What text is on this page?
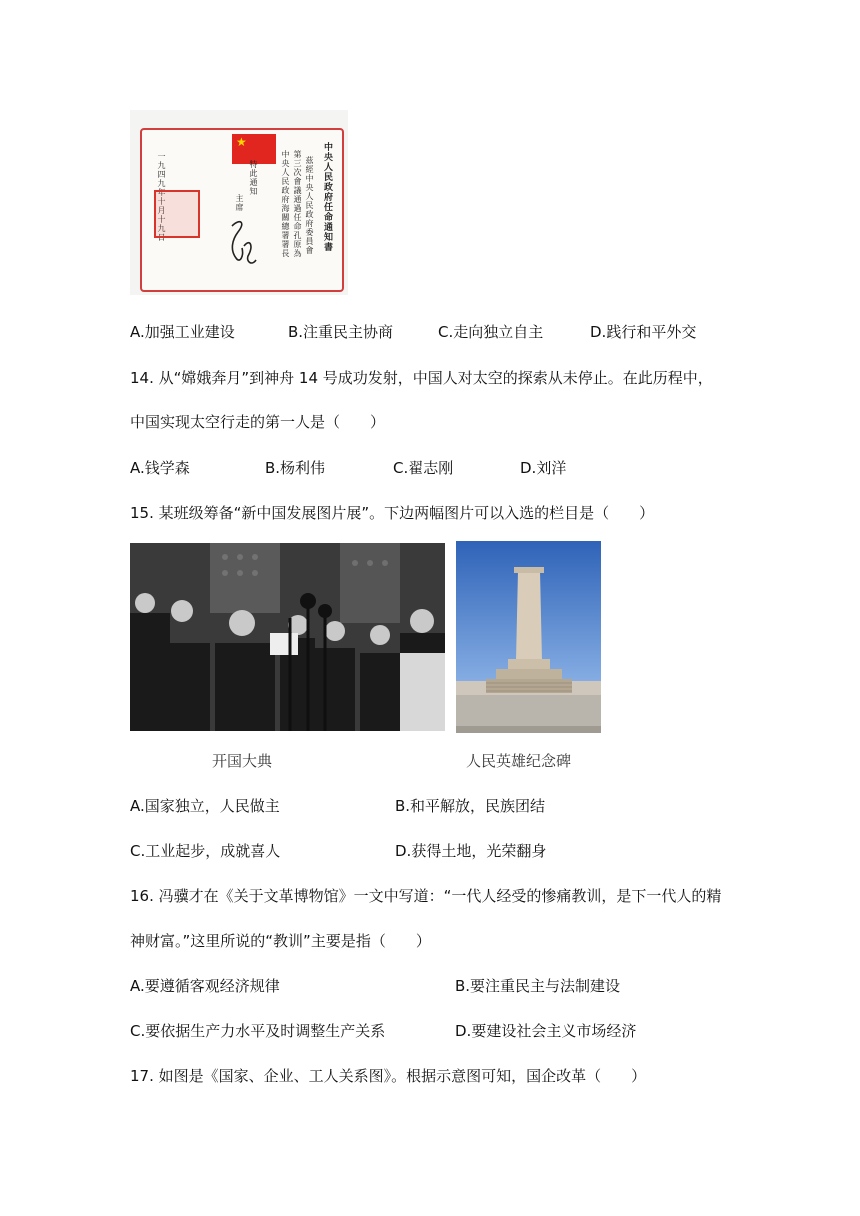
★	中央人民政府任命通知書
茲經中央人民政府委員會
第三次會議通過任命孔原為
中央人民政府海關總署署長
特此通知
主席
一九四九年十月十九日
A.加强工业建设	B.注重民主协商	C.走向独立自主	D.践行和平外交
14. 从“嫦娥奔月”到神舟 14 号成功发射，中国人对太空的探索从未停止。在此历程中，
中国实现太空行走的第一人是（　　）
A.钱学森	B.杨利伟	C.翟志刚	D.刘洋
15. 某班级筹备“新中国发展图片展”。下边两幅图片可以入选的栏目是（　　）
开国大典	人民英雄纪念碑
A.国家独立，人民做主	B.和平解放，民族团结
C.工业起步，成就喜人	D.获得土地，光荣翻身
16. 冯骥才在《关于文革博物馆》一文中写道：“一代人经受的惨痛教训，是下一代人的精
神财富。”这里所说的“教训”主要是指（　　）
A.要遵循客观经济规律	B.要注重民主与法制建设
C.要依据生产力水平及时调整生产关系	D.要建设社会主义市场经济
17. 如图是《国家、企业、工人关系图》。根据示意图可知，国企改革（　　）
